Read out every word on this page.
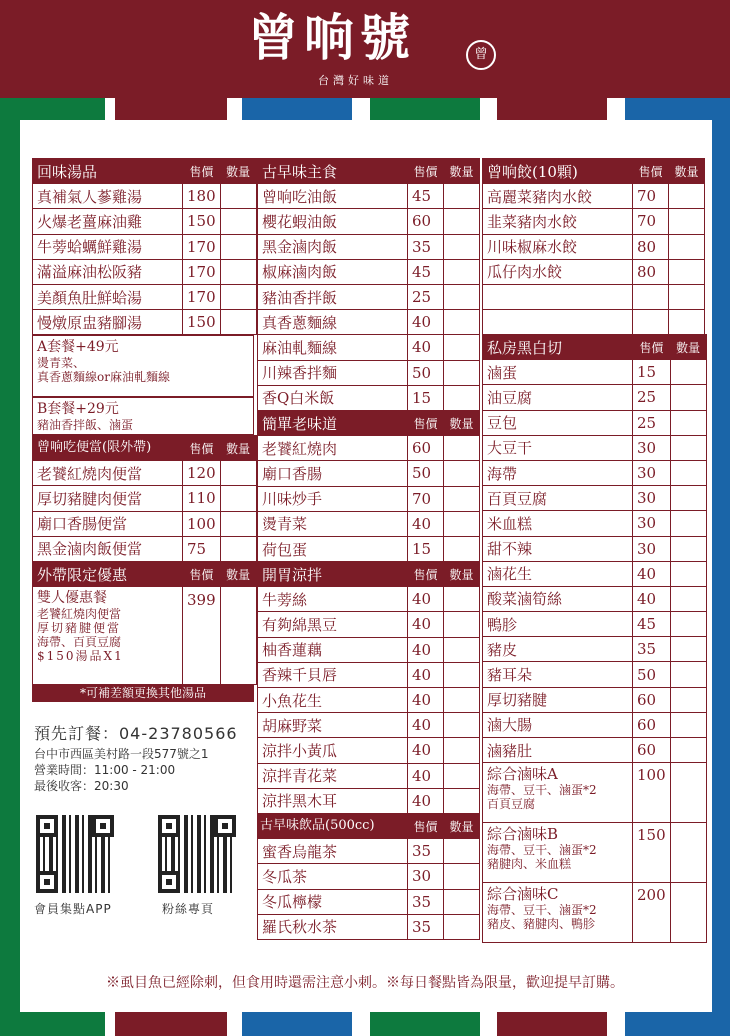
曾响號	曾
台灣好味道
回味湯品	售價	數量
真補氣人蔘雞湯	180	
火爆老薑麻油雞	150	
牛蒡蛤蠣鮮雞湯	170	
滿溢麻油松阪豬	170	
美顏魚肚鮮蛤湯	170	
慢燉原盅豬腳湯	150	
A套餐+49元
燙青菜、
真香蔥麵線or麻油軋麵線
B套餐+29元
豬油香拌飯、滷蛋
曾响吃便當(限外帶)	售價	數量
老饕紅燒肉便當	120	
厚切豬腱肉便當	110	
廟口香腸便當	100	
黑金滷肉飯便當	75	
外帶限定優惠	售價	數量

雙人優惠餐
老饕紅燒肉便當
厚切豬腱便當
海帶、百頁豆腐
$150湯品X1	399	
*可補差額更換其他湯品
預先訂餐：04-23780566
台中市西區美村路一段577號之1
營業時間：11:00 - 21:00
最後收客：20:30
會員集點APP	粉絲專頁
古早味主食	售價	數量
曾响吃油飯	45	
櫻花蝦油飯	60	
黑金滷肉飯	35	
椒麻滷肉飯	45	
豬油香拌飯	25	
真香蔥麵線	40	
麻油軋麵線	40	
川辣香拌麵	50	
香Q白米飯	15	
簡單老味道	售價	數量
老饕紅燒肉	60	
廟口香腸	50	
川味炒手	70	
燙青菜	40	
荷包蛋	15	
開胃涼拌	售價	數量
牛蒡絲	40	
有夠綿黑豆	40	
柚香蓮藕	40	
香辣千貝唇	40	
小魚花生	40	
胡麻野菜	40	
涼拌小黃瓜	40	
涼拌青花菜	40	
涼拌黑木耳	40	
古早味飲品(500cc)	售價	數量
蜜香烏龍茶	35	
冬瓜茶	30	
冬瓜檸檬	35	
羅氏秋水茶	35	
曾响餃(10顆)	售價	數量
高麗菜豬肉水餃	70	
韭菜豬肉水餃	70	
川味椒麻水餃	80	
瓜仔肉水餃	80	

私房黑白切	售價	數量
滷蛋	15	
油豆腐	25	
豆包	25	
大豆干	30	
海帶	30	
百頁豆腐	30	
米血糕	30	
甜不辣	30	
滷花生	40	
酸菜滷筍絲	40	
鴨胗	45	
豬皮	35	
豬耳朵	50	
厚切豬腱	60	
滷大腸	60	
滷豬肚	60	

綜合滷味A
海帶、豆干、滷蛋*2
百頁豆腐	100	

綜合滷味B
海帶、豆干、滷蛋*2
豬腱肉、米血糕	150	

綜合滷味C
海帶、豆干、滷蛋*2
豬皮、豬腱肉、鴨胗	200	
※虱目魚已經除刺，但食用時還需注意小刺。※每日餐點皆為限量，歡迎提早訂購。
